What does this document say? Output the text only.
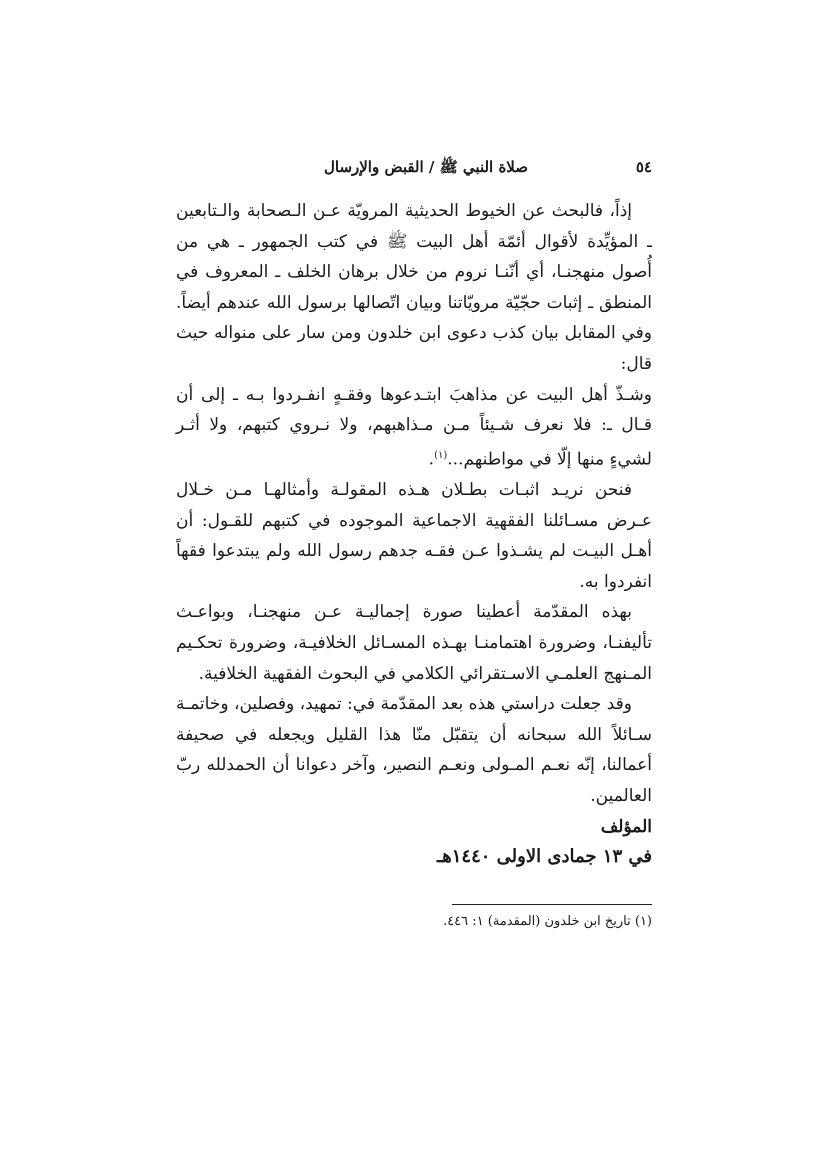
صلاة النبي ﷺ / القبض والإرسال	٥٤

إذاً، فالبحث عن الخيوط الحديثية المرويّة عـن الـصحابة والـتابعين ـ المؤيِّدة لأقوال أئمّة أهل البيت ﷺ في كتب الجمهور ـ هي من أُصول منهجنـا، أي أنّنـا نروم من خلال برهان الخلف ـ المعروف في المنطق ـ إثبات حجّيّة مرويّاتنا وبيان اتّصالها برسول الله عندهم أيضاً. وفي المقابل بيان كذب دعوى ابن خلدون ومن سار على منواله حيث قال:

وشـذّ أهل البيت عن مذاهبَ ابتـدعوها وفقـهٍ انفـردوا بـه ـ إلى أن قـال ـ: فلا نعرف شـيئاً مـن مـذاهبهم، ولا نـروي كتبهم، ولا أثـر لشيءٍ منها إلّا في مواطنهم...$^{(١)}$.

فنحن نريـد اثبـات بطـلان هـذه المقولـة وأمثالهـا مـن خـلال عـرض مسـائلنا الفقهية الاجماعية الموجوده في كتبهم للقـول: أن أهـل البيـت لم يشـذوا عـن فقـه جدهم رسول الله ولم يبتدعوا فقهاً انفردوا به.

بهذه المقدّمة أعطينا صورة إجماليـة عـن منهجنـا، وبواعـث تأليفنـا، وضرورة اهتمامنـا بهـذه المسـائل الخلافيـة، وضرورة تحكـيم المـنهج العلمـي الاسـتقرائي الكلامي في البحوث الفقهية الخلافية.

وقد جعلت دراستي هذه بعد المقدّمة في: تمهيد، وفصلين، وخاتمـة سـائلاً الله سبحانه أن يتقبّل منّا هذا القليل ويجعله في صحيفة أعمالنا، إنّه نعـم المـولى ونعـم النصير، وآخر دعوانا أن الحمدلله ربّ العالمين.

المؤلف

في ١٣ جمادى الاولى ١٤٤٠هـ

(١) تاريخ ابن خلدون (المقدمة) ١: ٤٤٦.
